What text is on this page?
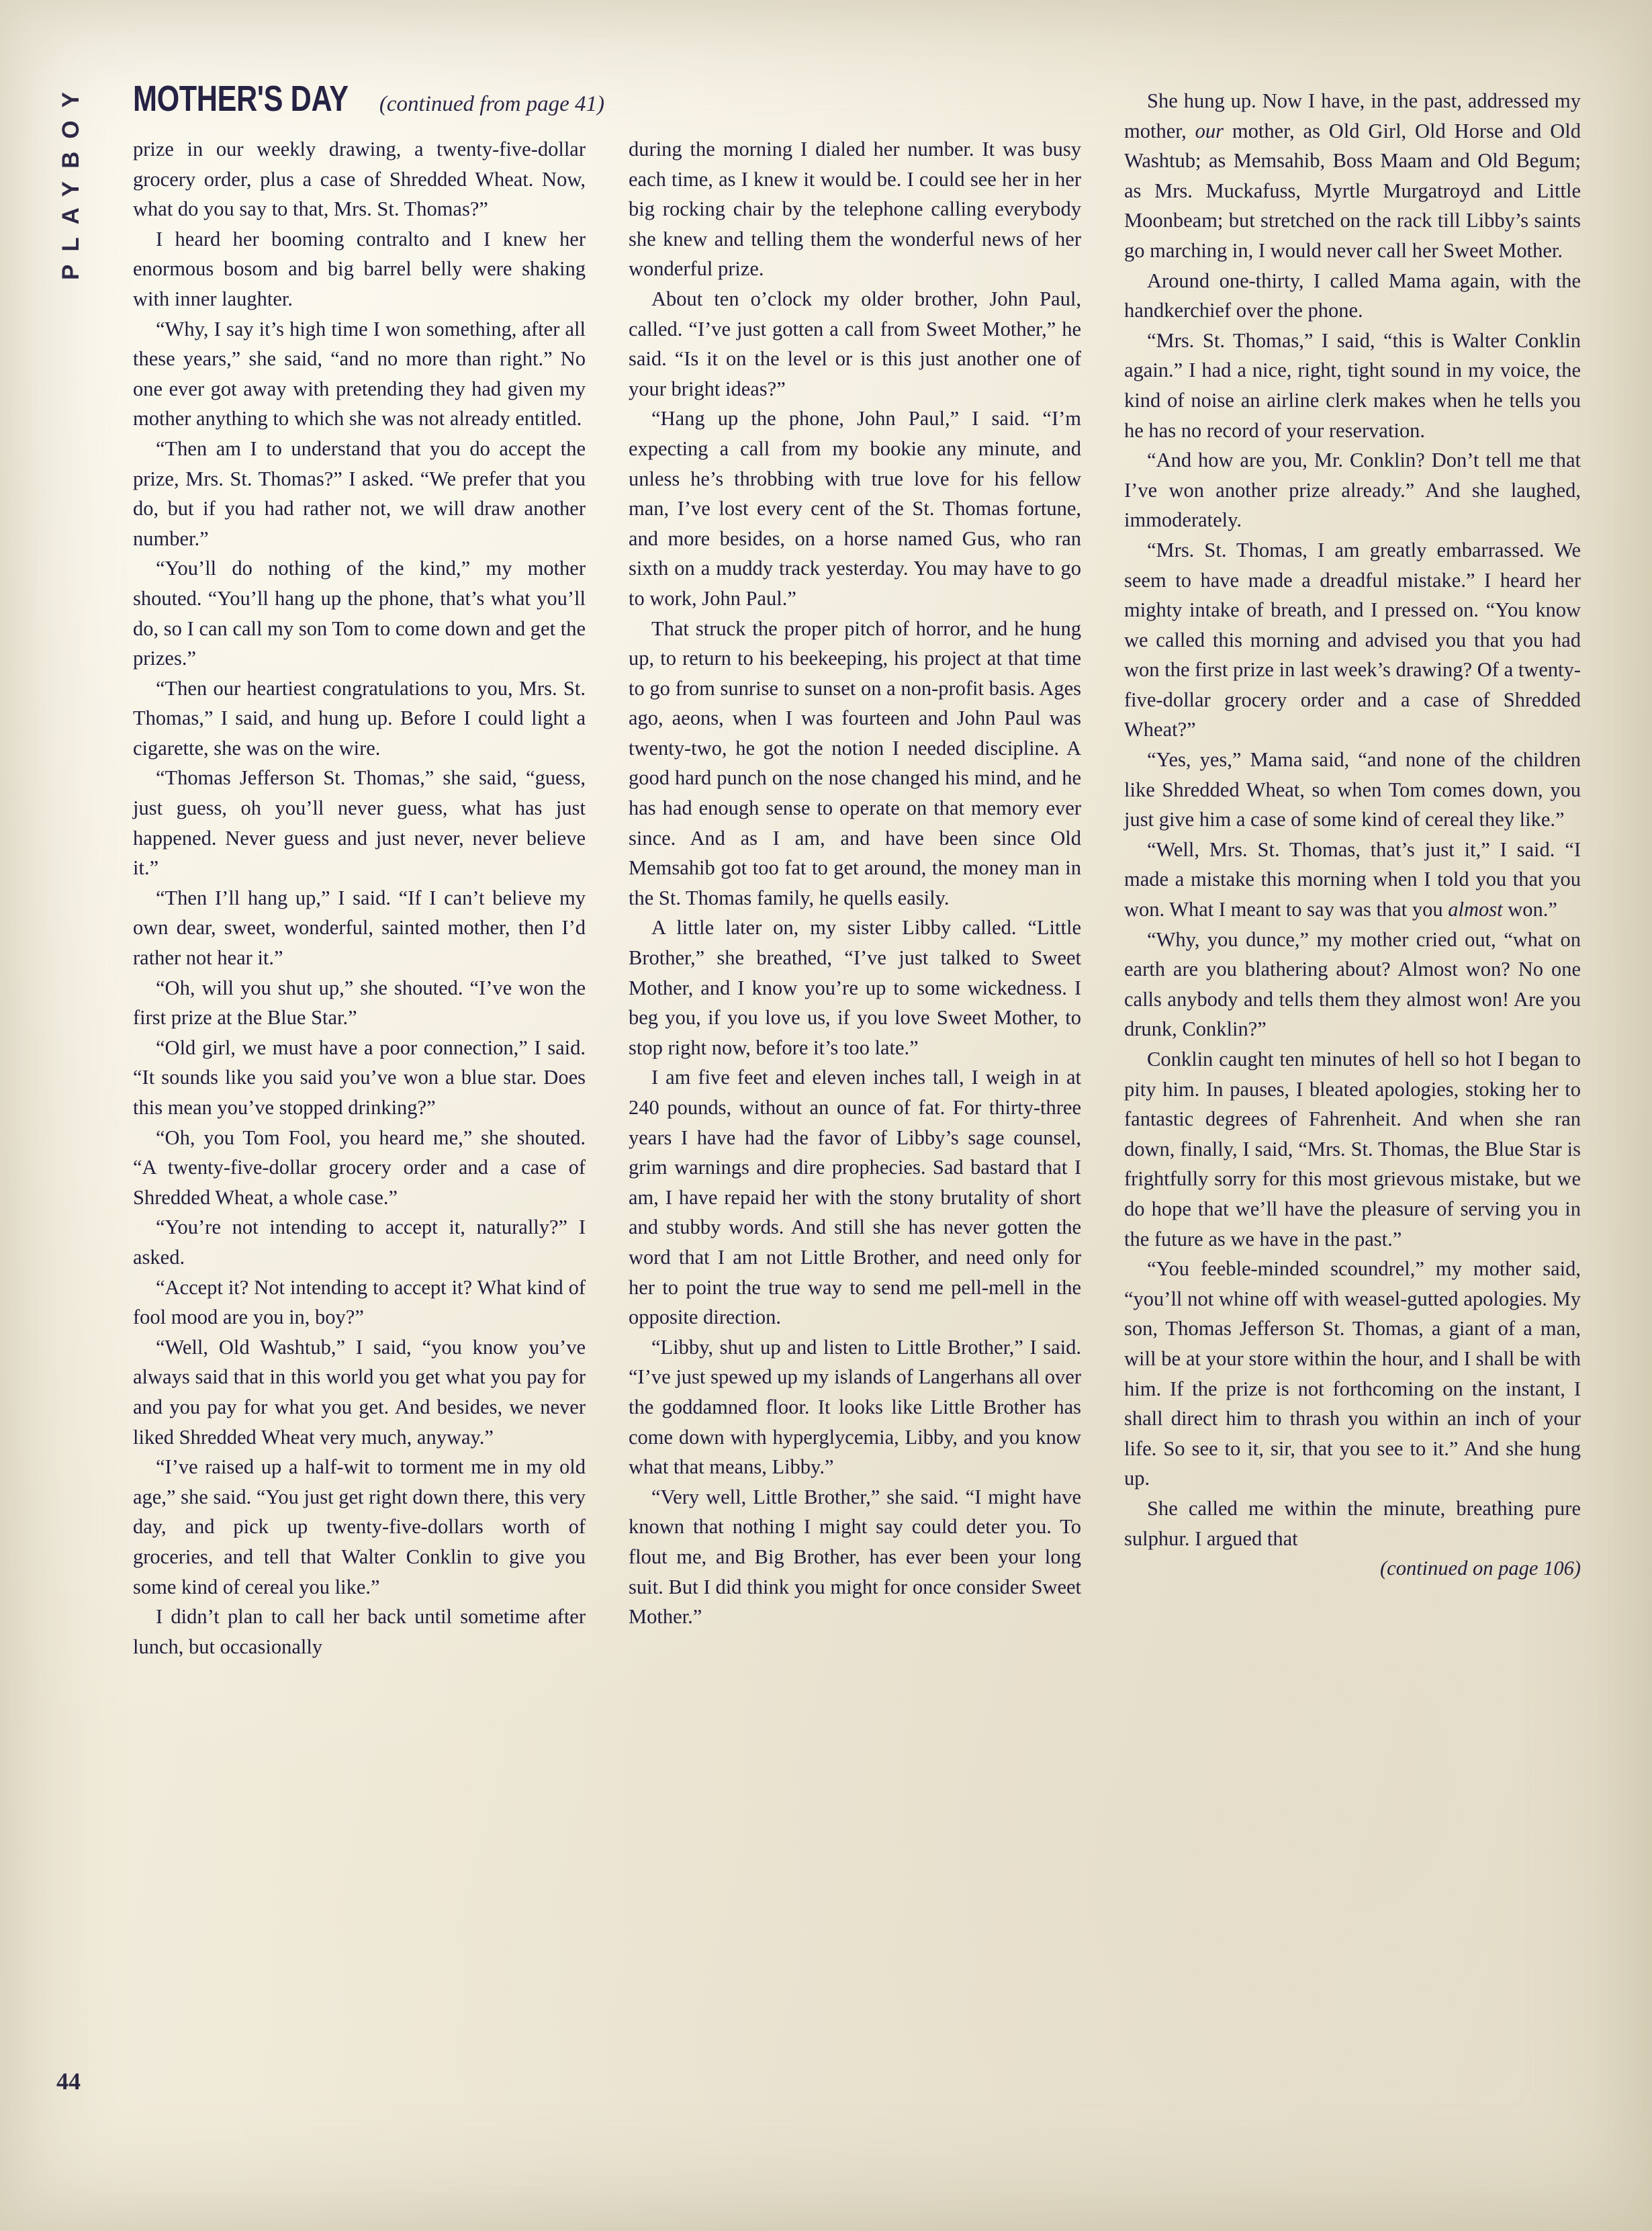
PLAYBOY MOTHER'S DAY (continued from page 41)

prize in our weekly drawing, a twenty-five-dollar grocery order, plus a case of Shredded Wheat. Now, what do you say to that, Mrs. St. Thomas?”

I heard her booming contralto and I knew her enormous bosom and big barrel belly were shaking with inner laughter.

“Why, I say it’s high time I won something, after all these years,” she said, “and no more than right.” No one ever got away with pretending they had given my mother anything to which she was not already entitled.

“Then am I to understand that you do accept the prize, Mrs. St. Thomas?” I asked. “We prefer that you do, but if you had rather not, we will draw another number.”

“You’ll do nothing of the kind,” my mother shouted. “You’ll hang up the phone, that’s what you’ll do, so I can call my son Tom to come down and get the prizes.”

“Then our heartiest congratulations to you, Mrs. St. Thomas,” I said, and hung up. Before I could light a cigarette, she was on the wire.

“Thomas Jefferson St. Thomas,” she said, “guess, just guess, oh you’ll never guess, what has just happened. Never guess and just never, never believe it.”

“Then I’ll hang up,” I said. “If I can’t believe my own dear, sweet, wonderful, sainted mother, then I’d rather not hear it.”

“Oh, will you shut up,” she shouted. “I’ve won the first prize at the Blue Star.”

“Old girl, we must have a poor connection,” I said. “It sounds like you said you’ve won a blue star. Does this mean you’ve stopped drinking?”

“Oh, you Tom Fool, you heard me,” she shouted. “A twenty-five-dollar grocery order and a case of Shredded Wheat, a whole case.”

“You’re not intending to accept it, naturally?” I asked.

“Accept it? Not intending to accept it? What kind of fool mood are you in, boy?”

“Well, Old Washtub,” I said, “you know you’ve always said that in this world you get what you pay for and you pay for what you get. And besides, we never liked Shredded Wheat very much, anyway.”

“I’ve raised up a half-wit to torment me in my old age,” she said. “You just get right down there, this very day, and pick up twenty-five-dollars worth of groceries, and tell that Walter Conklin to give you some kind of cereal you like.”

I didn’t plan to call her back until sometime after lunch, but occasionally

during the morning I dialed her number. It was busy each time, as I knew it would be. I could see her in her big rocking chair by the telephone calling everybody she knew and telling them the wonderful news of her wonderful prize.

About ten o’clock my older brother, John Paul, called. “I’ve just gotten a call from Sweet Mother,” he said. “Is it on the level or is this just another one of your bright ideas?”

“Hang up the phone, John Paul,” I said. “I’m expecting a call from my bookie any minute, and unless he’s throbbing with true love for his fellow man, I’ve lost every cent of the St. Thomas fortune, and more besides, on a horse named Gus, who ran sixth on a muddy track yesterday. You may have to go to work, John Paul.”

That struck the proper pitch of horror, and he hung up, to return to his beekeeping, his project at that time to go from sunrise to sunset on a non-profit basis. Ages ago, aeons, when I was fourteen and John Paul was twenty-two, he got the notion I needed discipline. A good hard punch on the nose changed his mind, and he has had enough sense to operate on that memory ever since. And as I am, and have been since Old Memsahib got too fat to get around, the money man in the St. Thomas family, he quells easily.

A little later on, my sister Libby called. “Little Brother,” she breathed, “I’ve just talked to Sweet Mother, and I know you’re up to some wickedness. I beg you, if you love us, if you love Sweet Mother, to stop right now, before it’s too late.”

I am five feet and eleven inches tall, I weigh in at 240 pounds, without an ounce of fat. For thirty-three years I have had the favor of Libby’s sage counsel, grim warnings and dire prophecies. Sad bastard that I am, I have repaid her with the stony brutality of short and stubby words. And still she has never gotten the word that I am not Little Brother, and need only for her to point the true way to send me pell-mell in the opposite direction.

“Libby, shut up and listen to Little Brother,” I said. “I’ve just spewed up my islands of Langerhans all over the goddamned floor. It looks like Little Brother has come down with hyperglycemia, Libby, and you know what that means, Libby.”

“Very well, Little Brother,” she said. “I might have known that nothing I might say could deter you. To flout me, and Big Brother, has ever been your long suit. But I did think you might for once consider Sweet Mother.”

She hung up. Now I have, in the past, addressed my mother, our mother, as Old Girl, Old Horse and Old Washtub; as Memsahib, Boss Maam and Old Begum; as Mrs. Muckafuss, Myrtle Murgatroyd and Little Moonbeam; but stretched on the rack till Libby’s saints go marching in, I would never call her Sweet Mother.

Around one-thirty, I called Mama again, with the handkerchief over the phone.

“Mrs. St. Thomas,” I said, “this is Walter Conklin again.” I had a nice, right, tight sound in my voice, the kind of noise an airline clerk makes when he tells you he has no record of your reservation.

“And how are you, Mr. Conklin? Don’t tell me that I’ve won another prize already.” And she laughed, immoderately.

“Mrs. St. Thomas, I am greatly embarrassed. We seem to have made a dreadful mistake.” I heard her mighty intake of breath, and I pressed on. “You know we called this morning and advised you that you had won the first prize in last week’s drawing? Of a twenty-five-dollar grocery order and a case of Shredded Wheat?”

“Yes, yes,” Mama said, “and none of the children like Shredded Wheat, so when Tom comes down, you just give him a case of some kind of cereal they like.”

“Well, Mrs. St. Thomas, that’s just it,” I said. “I made a mistake this morning when I told you that you won. What I meant to say was that you almost won.”

“Why, you dunce,” my mother cried out, “what on earth are you blathering about? Almost won? No one calls anybody and tells them they almost won! Are you drunk, Conklin?”

Conklin caught ten minutes of hell so hot I began to pity him. In pauses, I bleated apologies, stoking her to fantastic degrees of Fahrenheit. And when she ran down, finally, I said, “Mrs. St. Thomas, the Blue Star is frightfully sorry for this most grievous mistake, but we do hope that we’ll have the pleasure of serving you in the future as we have in the past.”

“You feeble-minded scoundrel,” my mother said, “you’ll not whine off with weasel-gutted apologies. My son, Thomas Jefferson St. Thomas, a giant of a man, will be at your store within the hour, and I shall be with him. If the prize is not forthcoming on the instant, I shall direct him to thrash you within an inch of your life. So see to it, sir, that you see to it.” And she hung up.

She called me within the minute, breathing pure sulphur. I argued that
(continued on page 106)

44
